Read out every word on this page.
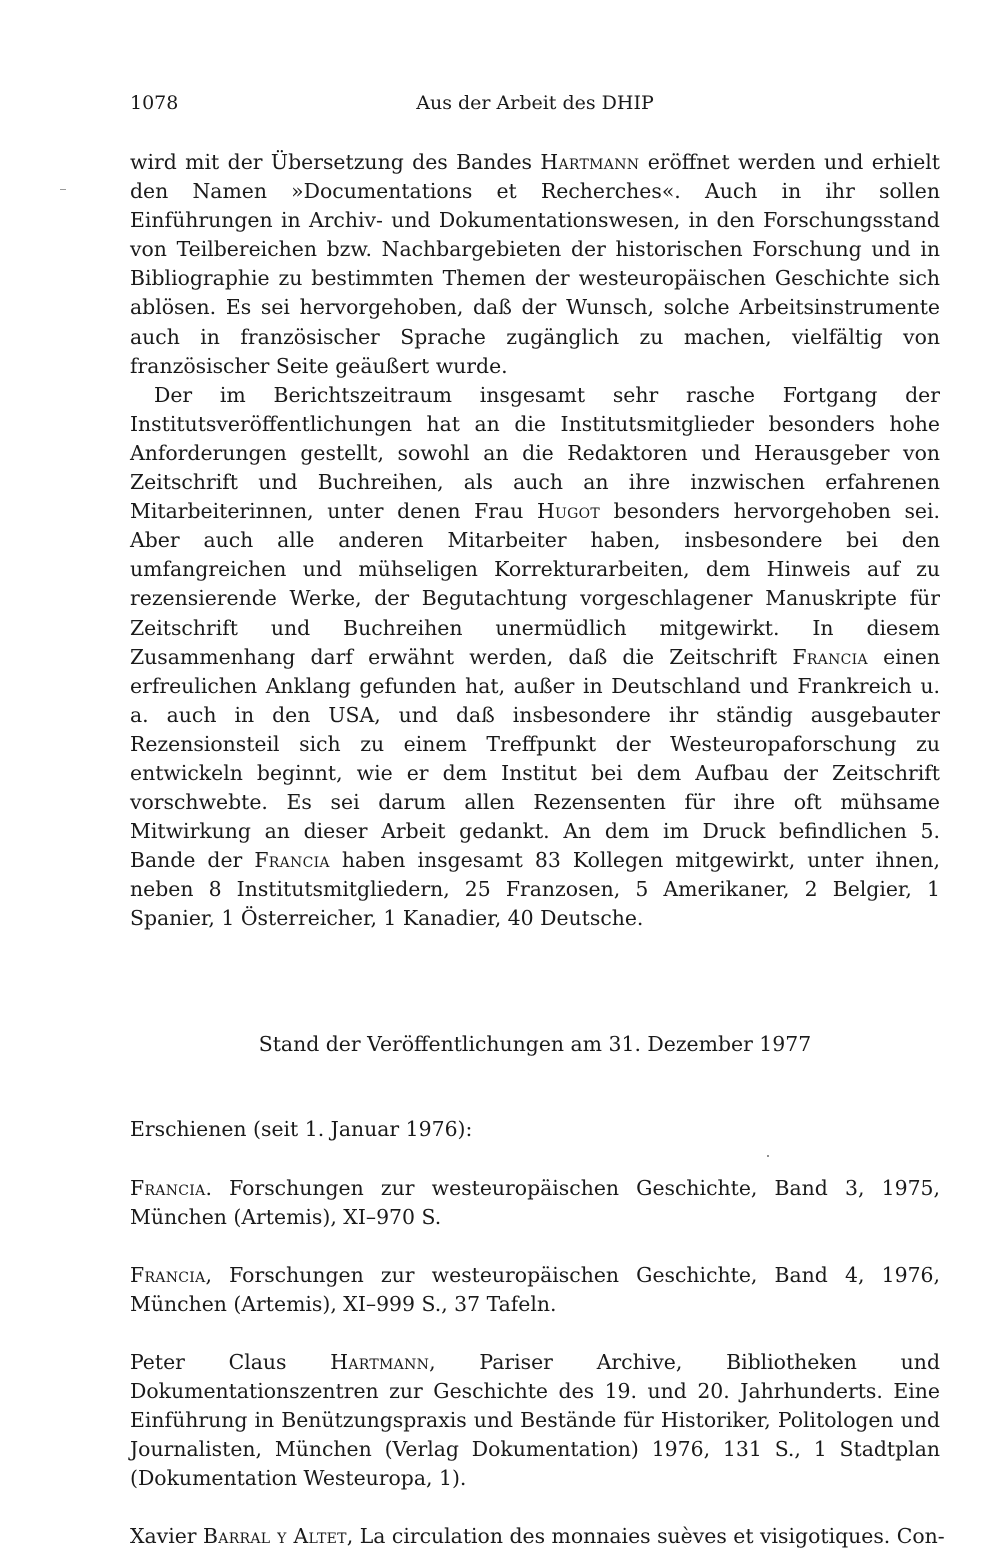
1078	Aus der Arbeit des DHIP

wird mit der Übersetzung des Bandes Hartmann eröffnet werden und erhielt den Namen »Documentations et Recherches«. Auch in ihr sollen Einführungen in Archiv- und Dokumentationswesen, in den Forschungsstand von Teilbereichen bzw. Nachbargebieten der historischen Forschung und in Bibliographie zu bestimmten Themen der westeuropäischen Geschichte sich ablösen. Es sei hervorgehoben, daß der Wunsch, solche Arbeitsinstrumente auch in französischer Sprache zugänglich zu machen, vielfältig von französischer Seite geäußert wurde.

Der im Berichtszeitraum insgesamt sehr rasche Fortgang der Institutsveröffentlichungen hat an die Institutsmitglieder besonders hohe Anforderungen gestellt, sowohl an die Redaktoren und Herausgeber von Zeitschrift und Buchreihen, als auch an ihre inzwischen erfahrenen Mitarbeiterinnen, unter denen Frau Hugot besonders hervorgehoben sei. Aber auch alle anderen Mitarbeiter haben, insbesondere bei den umfangreichen und mühseligen Korrekturarbeiten, dem Hinweis auf zu rezensierende Werke, der Begutachtung vorgeschlagener Manuskripte für Zeitschrift und Buchreihen unermüdlich mitgewirkt. In diesem Zusammenhang darf erwähnt werden, daß die Zeitschrift Francia einen erfreulichen Anklang gefunden hat, außer in Deutschland und Frankreich u. a. auch in den USA, und daß insbesondere ihr ständig ausgebauter Rezensionsteil sich zu einem Treffpunkt der Westeuropaforschung zu entwickeln beginnt, wie er dem Institut bei dem Aufbau der Zeitschrift vorschwebte. Es sei darum allen Rezensenten für ihre oft mühsame Mitwirkung an dieser Arbeit gedankt. An dem im Druck befindlichen 5. Bande der Francia haben insgesamt 83 Kollegen mitgewirkt, unter ihnen, neben 8 Institutsmitgliedern, 25 Franzosen, 5 Amerikaner, 2 Belgier, 1 Spanier, 1 Österreicher, 1 Kanadier, 40 Deutsche.

Stand der Veröffentlichungen am 31. Dezember 1977
Erschienen (seit 1. Januar 1976):

Francia. Forschungen zur westeuropäischen Geschichte, Band 3, 1975, München (Artemis), XI–970 S.

Francia, Forschungen zur westeuropäischen Geschichte, Band 4, 1976, München (Artemis), XI–999 S., 37 Tafeln.

Peter Claus Hartmann, Pariser Archive, Bibliotheken und Dokumentationszentren zur Geschichte des 19. und 20. Jahrhunderts. Eine Einführung in Benützungspraxis und Bestände für Historiker, Politologen und Journalisten, München (Verlag Dokumentation) 1976, 131 S., 1 Stadtplan (Dokumentation Westeuropa, 1).

Xavier Barral y Altet, La circulation des monnaies suèves et visigotiques. Con-
